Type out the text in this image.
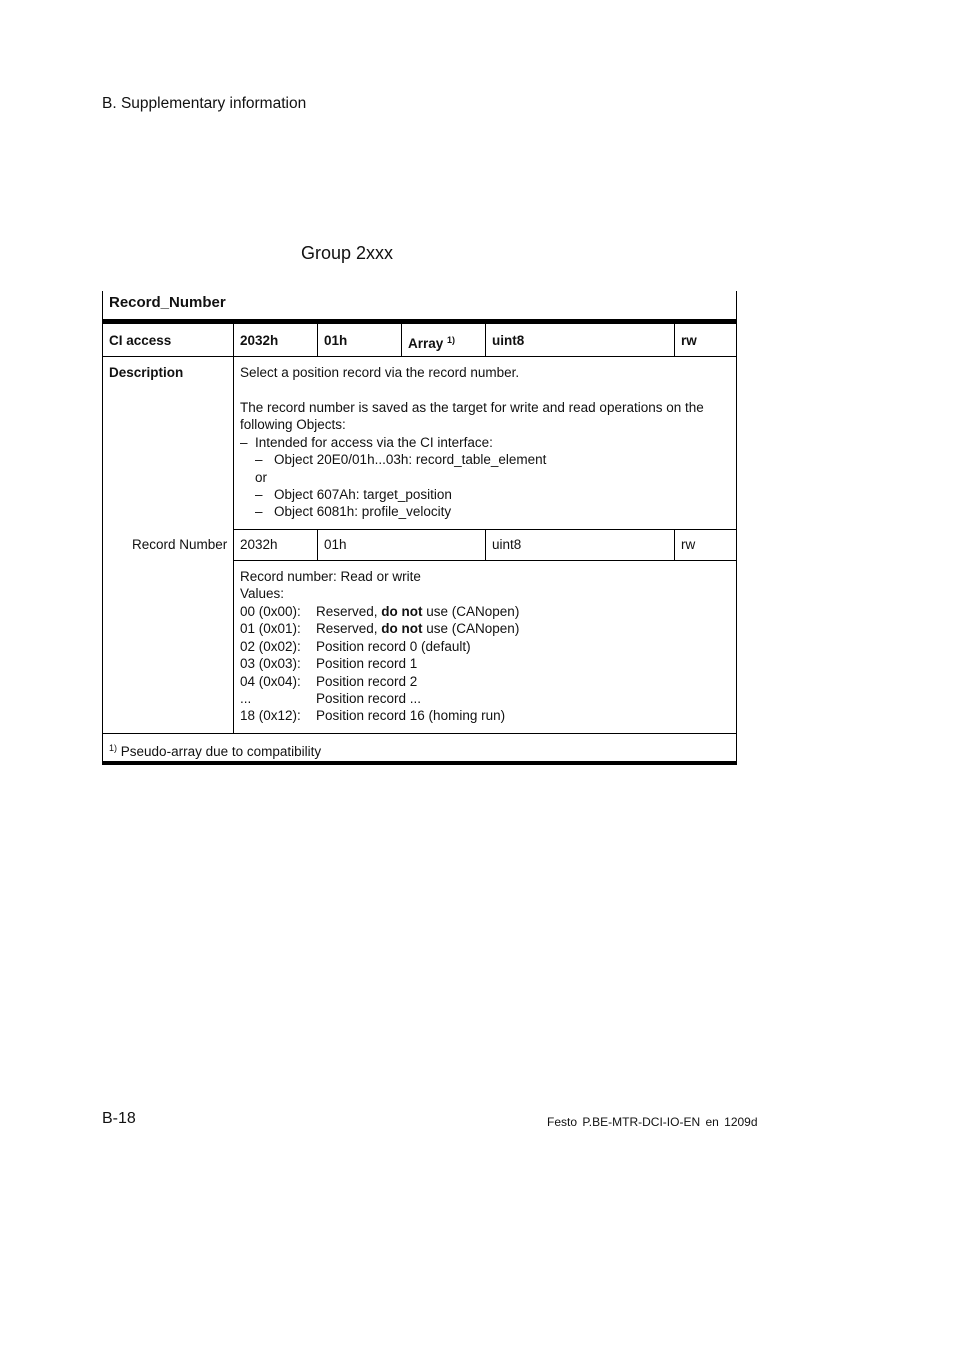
B. Supplementary information
Group 2xxx
Record_Number
CI access	2032h	01h	Array $^{1)}$	uint8	rw
Description	Select a position record via the record number.
The record number is saved as the target for write and read operations on the
following Objects:
– Intended for access via the CI interface:
– Object 20E0/01h...03h: record_table_element
or
– Object 607Ah: target_position
– Object 6081h: profile_velocity
Record Number 2032h	01h	uint8	rw
Record number: Read or write
Values:
00 (0x00): Reserved, do not use (CANopen)
01 (0x01): Reserved, do not use (CANopen)
02 (0x02): Position record 0 (default)
03 (0x03): Position record 1
04 (0x04): Position record 2
...	Position record ...
18 (0x12): Position record 16 (homing run)
$^{1)}$ Pseudo-array due to compatibility
B-18	Festo P.BE-MTR-DCI-IO-EN en 1209d
